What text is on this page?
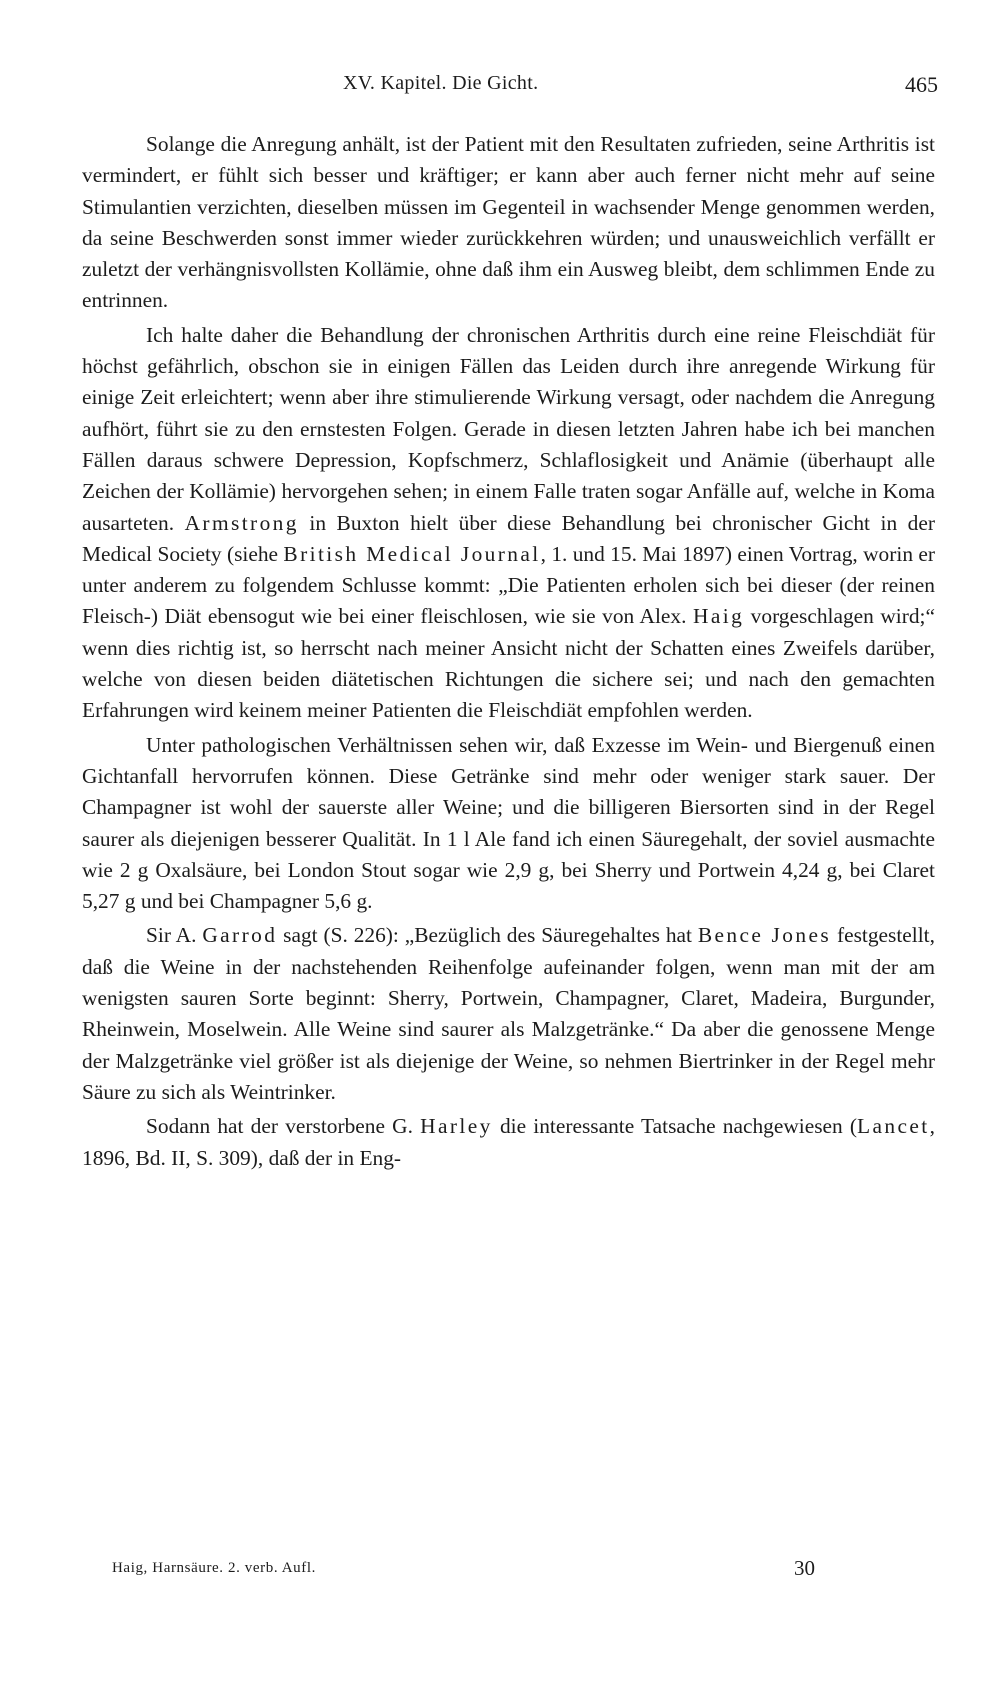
XV. Kapitel. Die Gicht.	465

Solange die Anregung anhält, ist der Patient mit den Resultaten zufrieden, seine Arthritis ist vermindert, er fühlt sich besser und kräftiger; er kann aber auch ferner nicht mehr auf seine Stimulantien verzichten, dieselben müssen im Gegenteil in wachsender Menge genommen werden, da seine Beschwerden sonst immer wieder zurückkehren würden; und unausweichlich verfällt er zuletzt der verhängnisvollsten Kollämie, ohne daß ihm ein Ausweg bleibt, dem schlimmen Ende zu entrinnen.

Ich halte daher die Behandlung der chronischen Arthritis durch eine reine Fleischdiät für höchst gefährlich, obschon sie in einigen Fällen das Leiden durch ihre anregende Wirkung für einige Zeit erleichtert; wenn aber ihre stimulierende Wirkung versagt, oder nachdem die Anregung aufhört, führt sie zu den ernstesten Folgen. Gerade in diesen letzten Jahren habe ich bei manchen Fällen daraus schwere Depression, Kopfschmerz, Schlaflosigkeit und Anämie (überhaupt alle Zeichen der Kollämie) hervorgehen sehen; in einem Falle traten sogar Anfälle auf, welche in Koma ausarteten. Armstrong in Buxton hielt über diese Behandlung bei chronischer Gicht in der Medical Society (siehe British Medical Journal, 1. und 15. Mai 1897) einen Vortrag, worin er unter anderem zu folgendem Schlusse kommt: „Die Patienten erholen sich bei dieser (der reinen Fleisch-) Diät ebensogut wie bei einer fleischlosen, wie sie von Alex. Haig vorgeschlagen wird;“ wenn dies richtig ist, so herrscht nach meiner Ansicht nicht der Schatten eines Zweifels darüber, welche von diesen beiden diätetischen Richtungen die sichere sei; und nach den gemachten Erfahrungen wird keinem meiner Patienten die Fleischdiät empfohlen werden.

Unter pathologischen Verhältnissen sehen wir, daß Exzesse im Wein- und Biergenuß einen Gichtanfall hervorrufen können. Diese Getränke sind mehr oder weniger stark sauer. Der Champagner ist wohl der sauerste aller Weine; und die billigeren Biersorten sind in der Regel saurer als diejenigen besserer Qualität. In 1 l Ale fand ich einen Säuregehalt, der soviel ausmachte wie 2 g Oxalsäure, bei London Stout sogar wie 2,9 g, bei Sherry und Portwein 4,24 g, bei Claret 5,27 g und bei Champagner 5,6 g.

Sir A. Garrod sagt (S. 226): „Bezüglich des Säuregehaltes hat Bence Jones festgestellt, daß die Weine in der nachstehenden Reihenfolge aufeinander folgen, wenn man mit der am wenigsten sauren Sorte beginnt: Sherry, Portwein, Champagner, Claret, Madeira, Burgunder, Rheinwein, Moselwein. Alle Weine sind saurer als Malzgetränke.“ Da aber die genossene Menge der Malzgetränke viel größer ist als diejenige der Weine, so nehmen Biertrinker in der Regel mehr Säure zu sich als Weintrinker.

Sodann hat der verstorbene G. Harley die interessante Tatsache nachgewiesen (Lancet, 1896, Bd. II, S. 309), daß der in Eng-

Haig, Harnsäure. 2. verb. Aufl.	30
